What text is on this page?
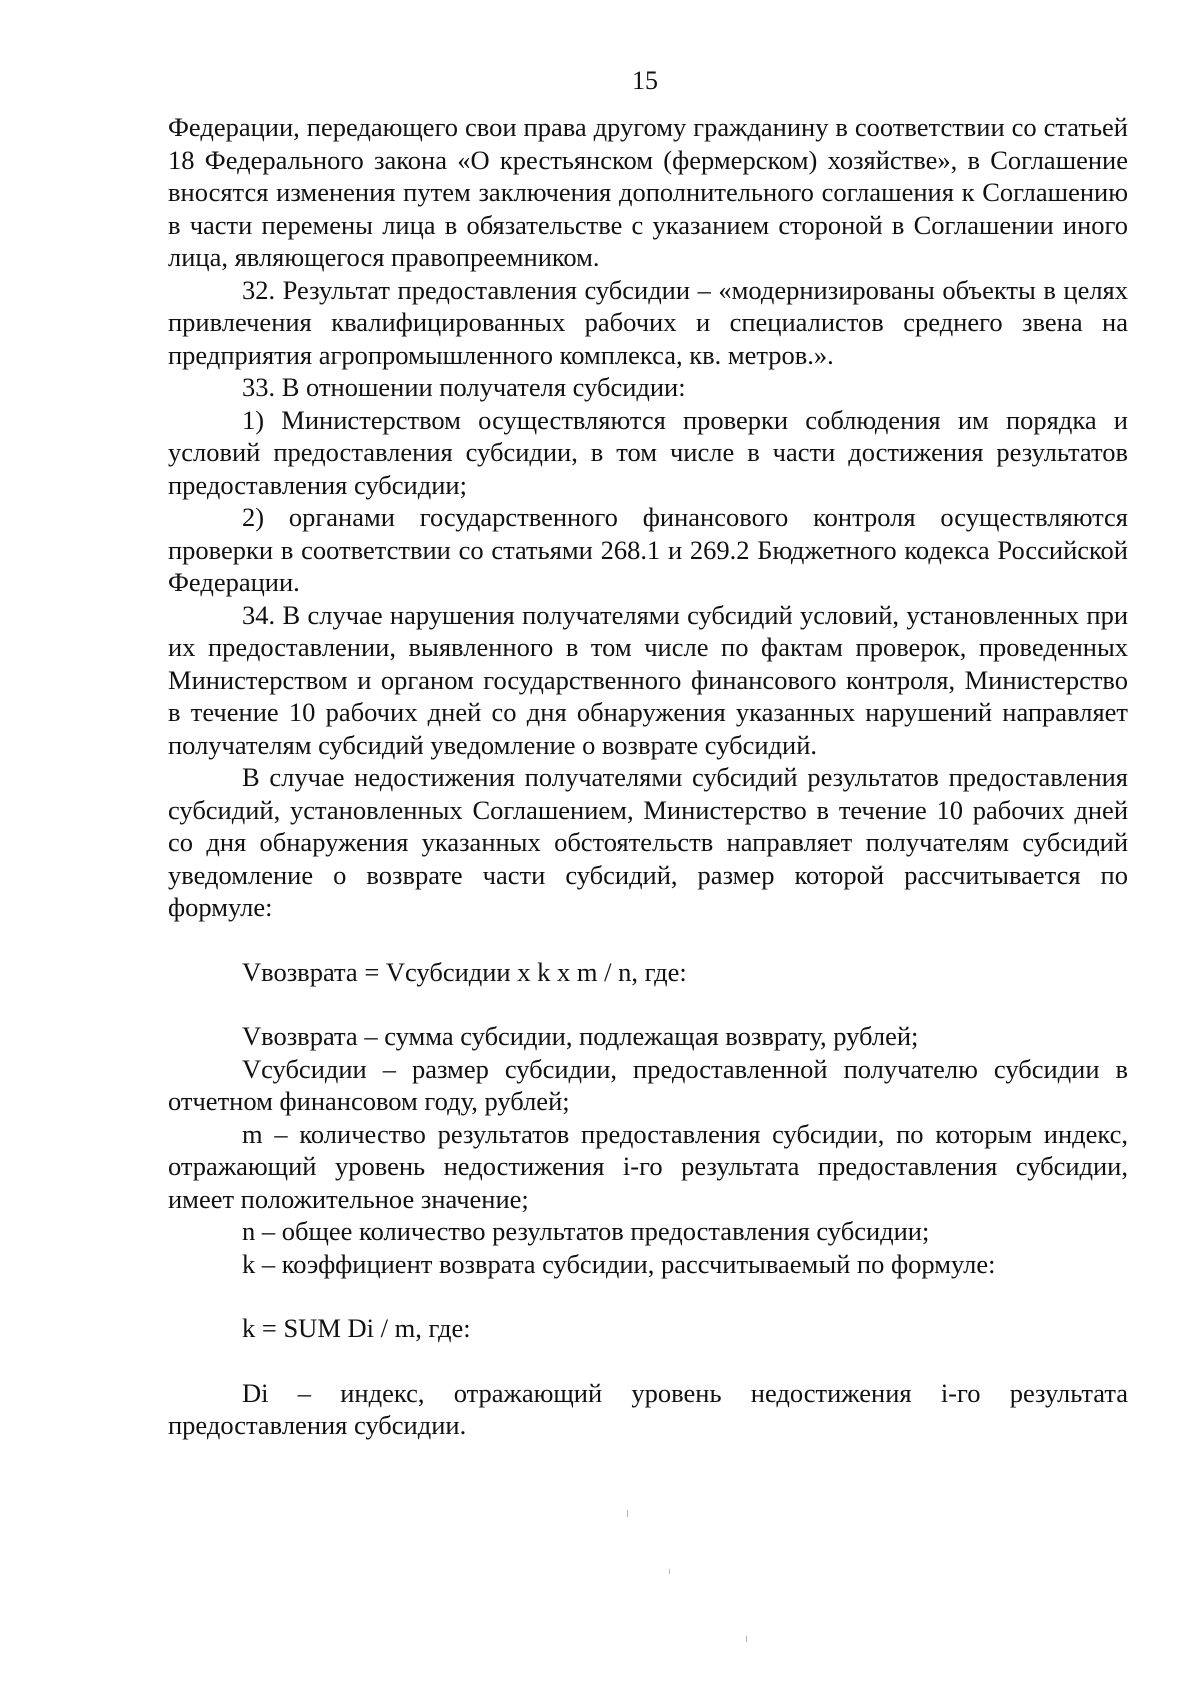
15

Федерации, передающего свои права другому гражданину в соответствии со статьей 18 Федерального закона «О крестьянском (фермерском) хозяйстве», в Соглашение вносятся изменения путем заключения дополнительного соглашения к Соглашению в части перемены лица в обязательстве с указанием стороной в Соглашении иного лица, являющегося правопреемником.

32. Результат предоставления субсидии – «модернизированы объекты в целях привлечения квалифицированных рабочих и специалистов среднего звена на предприятия агропромышленного комплекса, кв. метров.».

33. В отношении получателя субсидии:

1) Министерством осуществляются проверки соблюдения им порядка и условий предоставления субсидии, в том числе в части достижения результатов предоставления субсидии;

2) органами государственного финансового контроля осуществляются проверки в соответствии со статьями 268.1 и 269.2 Бюджетного кодекса Российской Федерации.

34. В случае нарушения получателями субсидий условий, установленных при их предоставлении, выявленного в том числе по фактам проверок, проведенных Министерством и органом государственного финансового контроля, Министерство в течение 10 рабочих дней со дня обнаружения указанных нарушений направляет получателям субсидий уведомление о возврате субсидий.

В случае недостижения получателями субсидий результатов предоставления субсидий, установленных Соглашением, Министерство в течение 10 рабочих дней со дня обнаружения указанных обстоятельств направляет получателям субсидий уведомление о возврате части субсидий, размер которой рассчитывается по формуле:

Vвозврата = Vсубсидии x k x m / n, где:

Vвозврата – сумма субсидии, подлежащая возврату, рублей;

Vсубсидии – размер субсидии, предоставленной получателю субсидии в отчетном финансовом году, рублей;

m – количество результатов предоставления субсидии, по которым индекс, отражающий уровень недостижения i-го результата предоставления субсидии, имеет положительное значение;

n – общее количество результатов предоставления субсидии;

k – коэффициент возврата субсидии, рассчитываемый по формуле:

k = SUM Di / m, где:

Di – индекс, отражающий уровень недостижения i-го результата предоставления субсидии.
